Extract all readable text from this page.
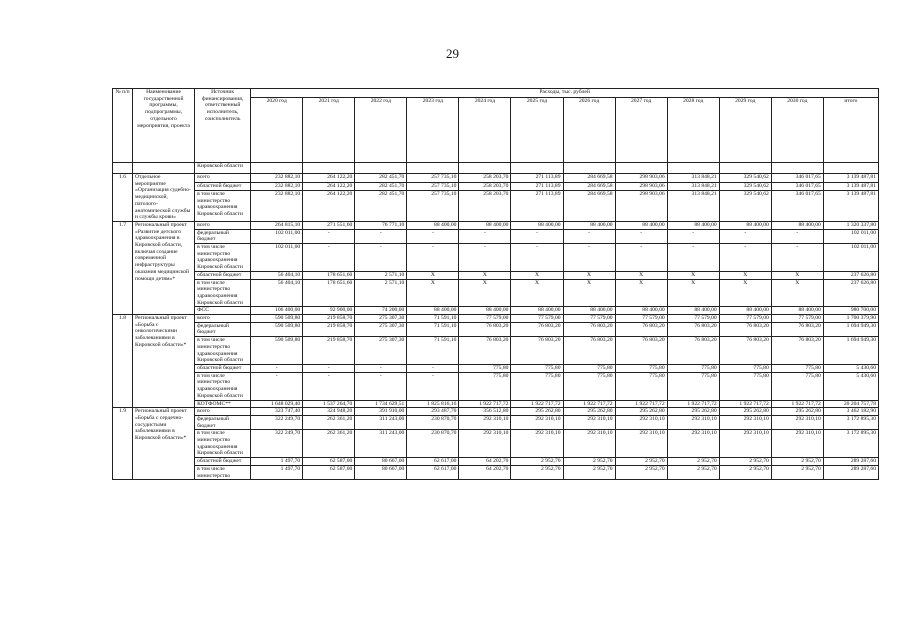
29
№ п/п	Наименование государственной программы, подпрограммы, отдельного мероприятия, проекта	Источник финансирования, ответственный исполнитель, соисполнитель	Расходы, тыс. рублей											
			2020 год	2021 год	2022 год	2023 год	2024 год	2025 год	2026 год	2027 год	2028 год	2029 год	2030 год	итого
		Кировской области												
1.6	Отдельное мероприятие «Организация судебно-медицинской, патолого-анатомической службы и службы крови»	всего	232 882,10	264 122,20	282 451,70	257 735,10	258 203,70	271 113,89	284 669,58	298 903,06	313 848,21	329 540,62	346 017,65	3 139 487,81
		областной бюджет	232 882,10	264 122,20	282 451,70	257 735,10	258 203,70	271 113,89	284 669,58	298 903,06	313 848,21	329 540,62	346 017,65	3 139 487,81
		в том числе министерство здравоохранения Кировской области	232 882,10	264 122,20	282 451,70	257 735,10	258 203,70	271 113,89	284 669,58	298 903,06	313 848,21	329 540,62	346 017,65	3 139 487,81
1.7	Региональный проект «Развитие детского здравоохранения в Кировской области, включая создание современной инфраструктуры оказания медицинской помощи детям»*	всего	264 815,10	271 551,60	76 771,10	88 400,00	88 400,00	88 400,00	88 400,00	88 400,00	88 400,00	88 400,00	88 400,00	1 320 337,80
		федеральный бюджет	102 011,00	-	-	-	-	-	-	-	-	-	-	102 011,00
		в том числе министерство здравоохранения Кировской области	102 011,00	-	-	-	-	-	-	-	-	-	-	102 011,00
		областной бюджет	56 404,10	178 651,60	2 571,10	X	X	X	X	X	X	X	X	237 626,80
		в том числе министерство здравоохранения Кировской области	56 404,10	178 651,60	2 571,10	X	X	X	X	X	X	X	X	237 626,80
		ФСС	106 400,00	92 900,00	74 200,00	88 400,00	88 400,00	88 400,00	88 400,00	88 400,00	88 400,00	88 400,00	88 400,00	980 700,00
1.8	Региональный проект «Борьба с онкологическими заболеваниями в Кировской области»*	всего	590 509,80	219 858,70	275 307,30	71 591,10	77 579,00	77 579,00	77 579,00	77 579,00	77 579,00	77 579,00	77 579,00	1 700 379,90
		федеральный бюджет	590 509,80	219 858,70	275 307,30	71 591,10	76 803,20	76 803,20	76 803,20	76 803,20	76 803,20	76 803,20	76 803,20	1 694 949,30
		в том числе министерство здравоохранения Кировской области	590 509,80	219 858,70	275 307,30	71 591,10	76 803,20	76 803,20	76 803,20	76 803,20	76 803,20	76 803,20	76 803,20	1 694 949,30
		областной бюджет	-	-	-	-	775,80	775,80	775,80	775,80	775,80	775,80	775,80	5 430,60
		в том числе министерство здравоохранения Кировской области	-	-	-	-	775,80	775,80	775,80	775,80	775,80	775,80	775,80	5 430,60
		КОТФОМС**	1 648 029,40	1 537 264,70	1 734 629,51	1 825 816,16	1 922 717,72	1 922 717,72	1 922 717,72	1 922 717,72	1 922 717,72	1 922 717,72	1 922 717,72	20 204 757,78
1.9	Региональный проект «Борьба с сердечно-сосудистыми заболеваниями в Кировской области»*	всего	323 747,40	324 948,20	391 910,00	293 487,70	356 512,80	295 262,80	295 262,80	295 262,80	295 262,80	295 262,80	295 262,80	3 462 182,90
		федеральный бюджет	322 249,70	262 361,20	311 243,00	230 870,70	292 310,10	292 310,10	292 310,10	292 310,10	292 310,10	292 310,10	292 310,10	3 172 895,30
		в том числе министерство здравоохранения Кировской области	322 249,70	262 361,20	311 243,00	230 870,70	292 310,10	292 310,10	292 310,10	292 310,10	292 310,10	292 310,10	292 310,10	3 172 895,30
		областной бюджет	1 497,70	62 587,00	80 667,00	62 617,00	64 202,70	2 952,70	2 952,70	2 952,70	2 952,70	2 952,70	2 952,70	289 287,60
		в том числе министерство	1 497,70	62 587,00	80 667,00	62 617,00	64 202,70	2 952,70	2 952,70	2 952,70	2 952,70	2 952,70	2 952,70	289 287,60
